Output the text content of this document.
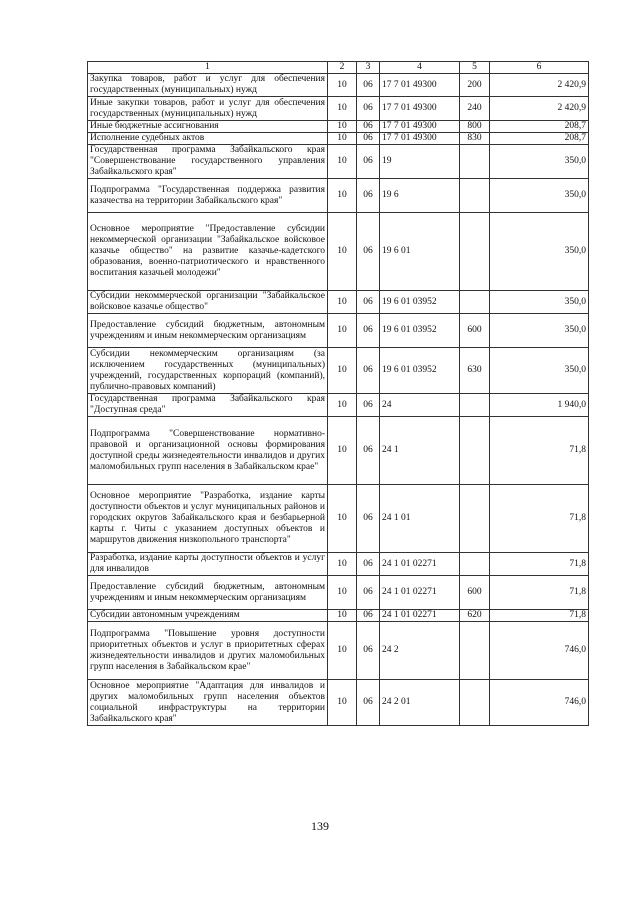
1	2	3	4	5	6
Закупка товаров, работ и услуг для обеспечения государственных (муниципальных) нужд	10	06	17 7 01 49300	200	2 420,9
Иные закупки товаров, работ и услуг для обеспечения государственных (муниципальных) нужд	10	06	17 7 01 49300	240	2 420,9
Иные бюджетные ассигнования	10	06	17 7 01 49300	800	208,7
Исполнение судебных актов	10	06	17 7 01 49300	830	208,7
Государственная программа Забайкальского края "Совершенствование государственного управления Забайкальского края"	10	06	19		350,0
Подпрограмма "Государственная поддержка развития казачества на территории Забайкальского края"	10	06	19 6		350,0
Основное мероприятие "Предоставление субсидии некоммерческой организации "Забайкальское войсковое казачье общество" на развитие казачье-кадетского образования, военно-патриотического и нравственного воспитания казачьей молодежи"	10	06	19 6 01		350,0
Субсидии некоммерческой организации "Забайкальское войсковое казачье общество"	10	06	19 6 01 03952		350,0
Предоставление субсидий бюджетным, автономным учреждениям и иным некоммерческим организациям	10	06	19 6 01 03952	600	350,0
Субсидии некоммерческим организациям (за исключением государственных (муниципальных) учреждений, государственных корпораций (компаний), публично-правовых компаний)	10	06	19 6 01 03952	630	350,0
Государственная программа Забайкальского края "Доступная среда"	10	06	24		1 940,0
Подпрограмма "Совершенствование нормативно-правовой и организационной основы формирования доступной среды жизнедеятельности инвалидов и других маломобильных групп населения в Забайкальском крае"	10	06	24 1		71,8
Основное мероприятие "Разработка, издание карты доступности объектов и услуг муниципальных районов и городских округов Забайкальского края и безбарьерной карты г. Читы с указанием доступных объектов и маршрутов движения низкопольного транспорта"	10	06	24 1 01		71,8
Разработка, издание карты доступности объектов и услуг для инвалидов	10	06	24 1 01 02271		71,8
Предоставление субсидий бюджетным, автономным учреждениям и иным некоммерческим организациям	10	06	24 1 01 02271	600	71,8
Субсидии автономным учреждениям	10	06	24 1 01 02271	620	71,8
Подпрограмма "Повышение уровня доступности приоритетных объектов и услуг в приоритетных сферах жизнедеятельности инвалидов и других маломобильных групп населения в Забайкальском крае"	10	06	24 2		746,0
Основное мероприятие "Адаптация для инвалидов и других маломобильных групп населения объектов социальной инфраструктуры на территории Забайкальского края"	10	06	24 2 01		746,0
139
